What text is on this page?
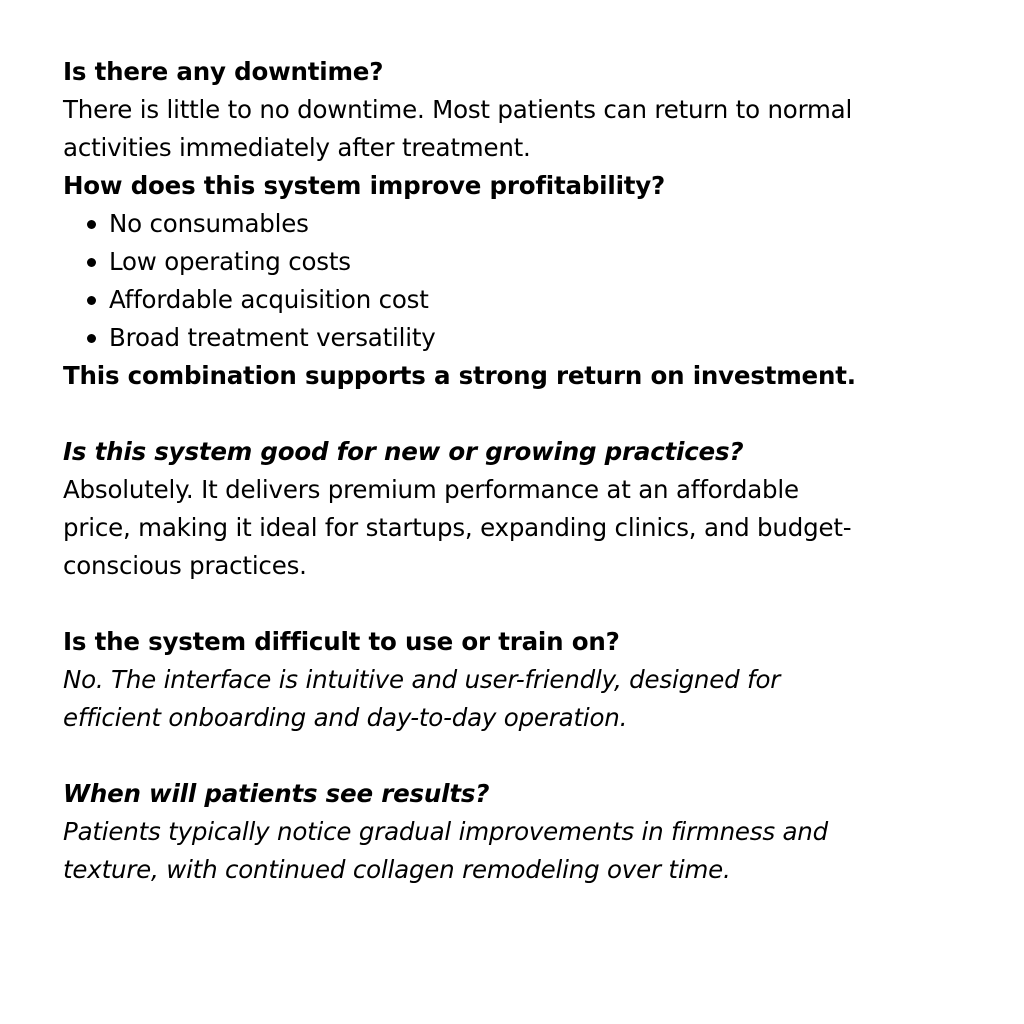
Is there any downtime?
There is little to no downtime. Most patients can return to normal
activities immediately after treatment.
How does this system improve profitability?
No consumables
Low operating costs
Affordable acquisition cost
Broad treatment versatility
This combination supports a strong return on investment.
Is this system good for new or growing practices?
Absolutely. It delivers premium performance at an affordable
price, making it ideal for startups, expanding clinics, and budget-
conscious practices.
Is the system difficult to use or train on?
No. The interface is intuitive and user-friendly, designed for
efficient onboarding and day-to-day operation.
When will patients see results?
Patients typically notice gradual improvements in firmness and
texture, with continued collagen remodeling over time.
